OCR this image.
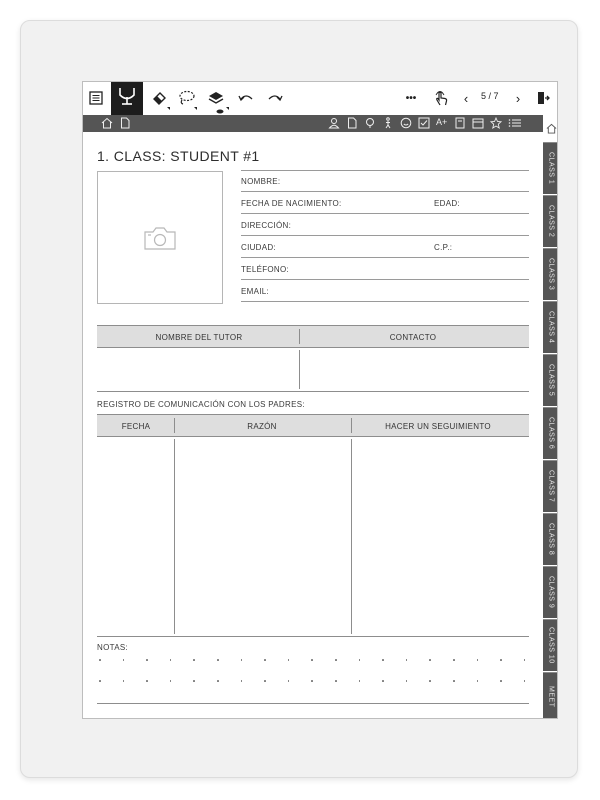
0.30
•••	‹	5 / 7	›
A+
CLASS 1
CLASS 2
CLASS 3
CLASS 4
CLASS 5
CLASS 6
CLASS 7
CLASS 8
CLASS 9
CLASS 10
MEET
1. CLASS: STUDENT #1
NOMBRE:
FECHA DE NACIMIENTO:	EDAD:
DIRECCIÓN:
CIUDAD:	C.P.:
TELÉFONO:
EMAIL:
NOMBRE DEL TUTOR	CONTACTO
REGISTRO DE COMUNICACIÓN CON LOS PADRES:
FECHA	RAZÓN	HACER UN SEGUIMIENTO
NOTAS:
